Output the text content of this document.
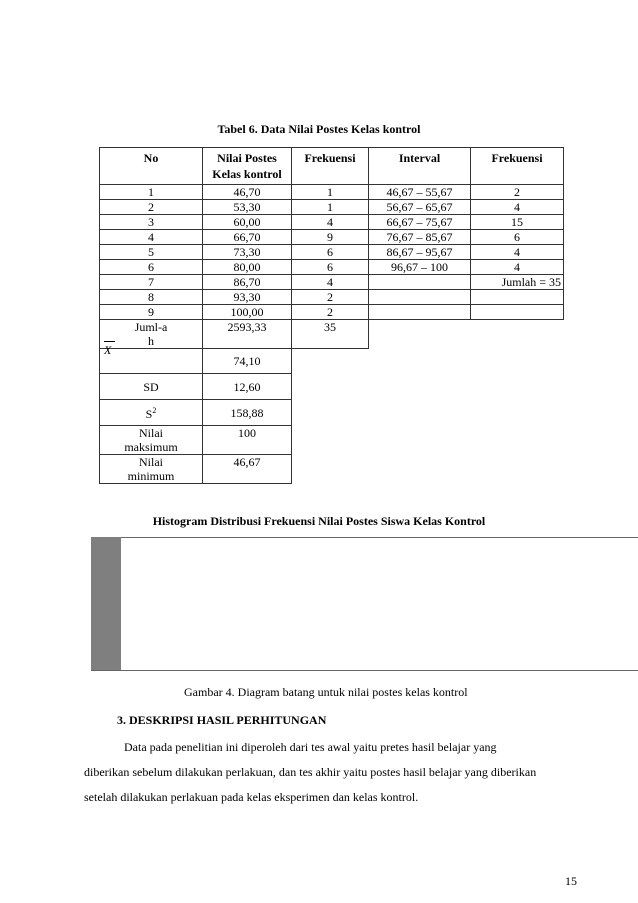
Tabel 6. Data Nilai Postes Kelas kontrol
No	Nilai Postes Kelas kontrol	Frekuensi	Interval	Frekuensi
1	46,70	1	46,67 – 55,67	2
2	53,30	1	56,67 – 65,67	4
3	60,00	4	66,67 – 75,67	15
4	66,70	9	76,67 – 85,67	6
5	73,30	6	86,67 – 95,67	4
6	80,00	6	96,67 – 100	4
7	86,70	4		Jumlah = 35
8	93,30	2		
9	100,00	2		
Juml-ah	2593,33	35		
	74,10			
SD	12,60			
$S^2$	158,88			
Nilai maksimum	100			
Nilai minimum	46,67			
X
Histogram Distribusi Frekuensi Nilai Postes Siswa Kelas Kontrol
Gambar 4. Diagram batang untuk nilai postes kelas kontrol
3. DESKRIPSI HASIL PERHITUNGAN

Data pada penelitian ini diperoleh dari tes awal yaitu pretes hasil belajar yang

diberikan sebelum dilakukan perlakuan, dan tes akhir yaitu postes hasil belajar yang diberikan

setelah dilakukan perlakuan pada kelas eksperimen dan kelas kontrol.

15
